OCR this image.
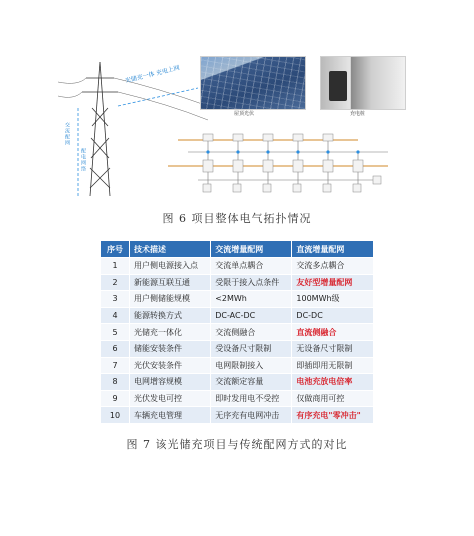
屋顶光伏	充电桩
光储充一体 充电上网
交流配网
配电网络
图 6 项目整体电气拓扑情况
序号	技术描述	交流增量配网	直流增量配网
1	用户侧电源接入点	交流单点耦合	交流多点耦合
2	新能源互联互通	受限于接入点条件	友好型增量配网
3	用户侧储能规模	<2MWh	100MWh级
4	能源转换方式	DC-AC-DC	DC-DC
5	光储充一体化	交流侧融合	直流侧融合
6	储能安装条件	受设备尺寸限制	无设备尺寸限制
7	光伏安装条件	电网限制接入	即插即用无限制
8	电网增容规模	交流额定容量	电池充放电倍率
9	光伏发电可控	即时发用电不受控	仅做商用可控
10	车辆充电管理	无序充有电网冲击	有序充电"零冲击"
图 7 该光储充项目与传统配网方式的对比
